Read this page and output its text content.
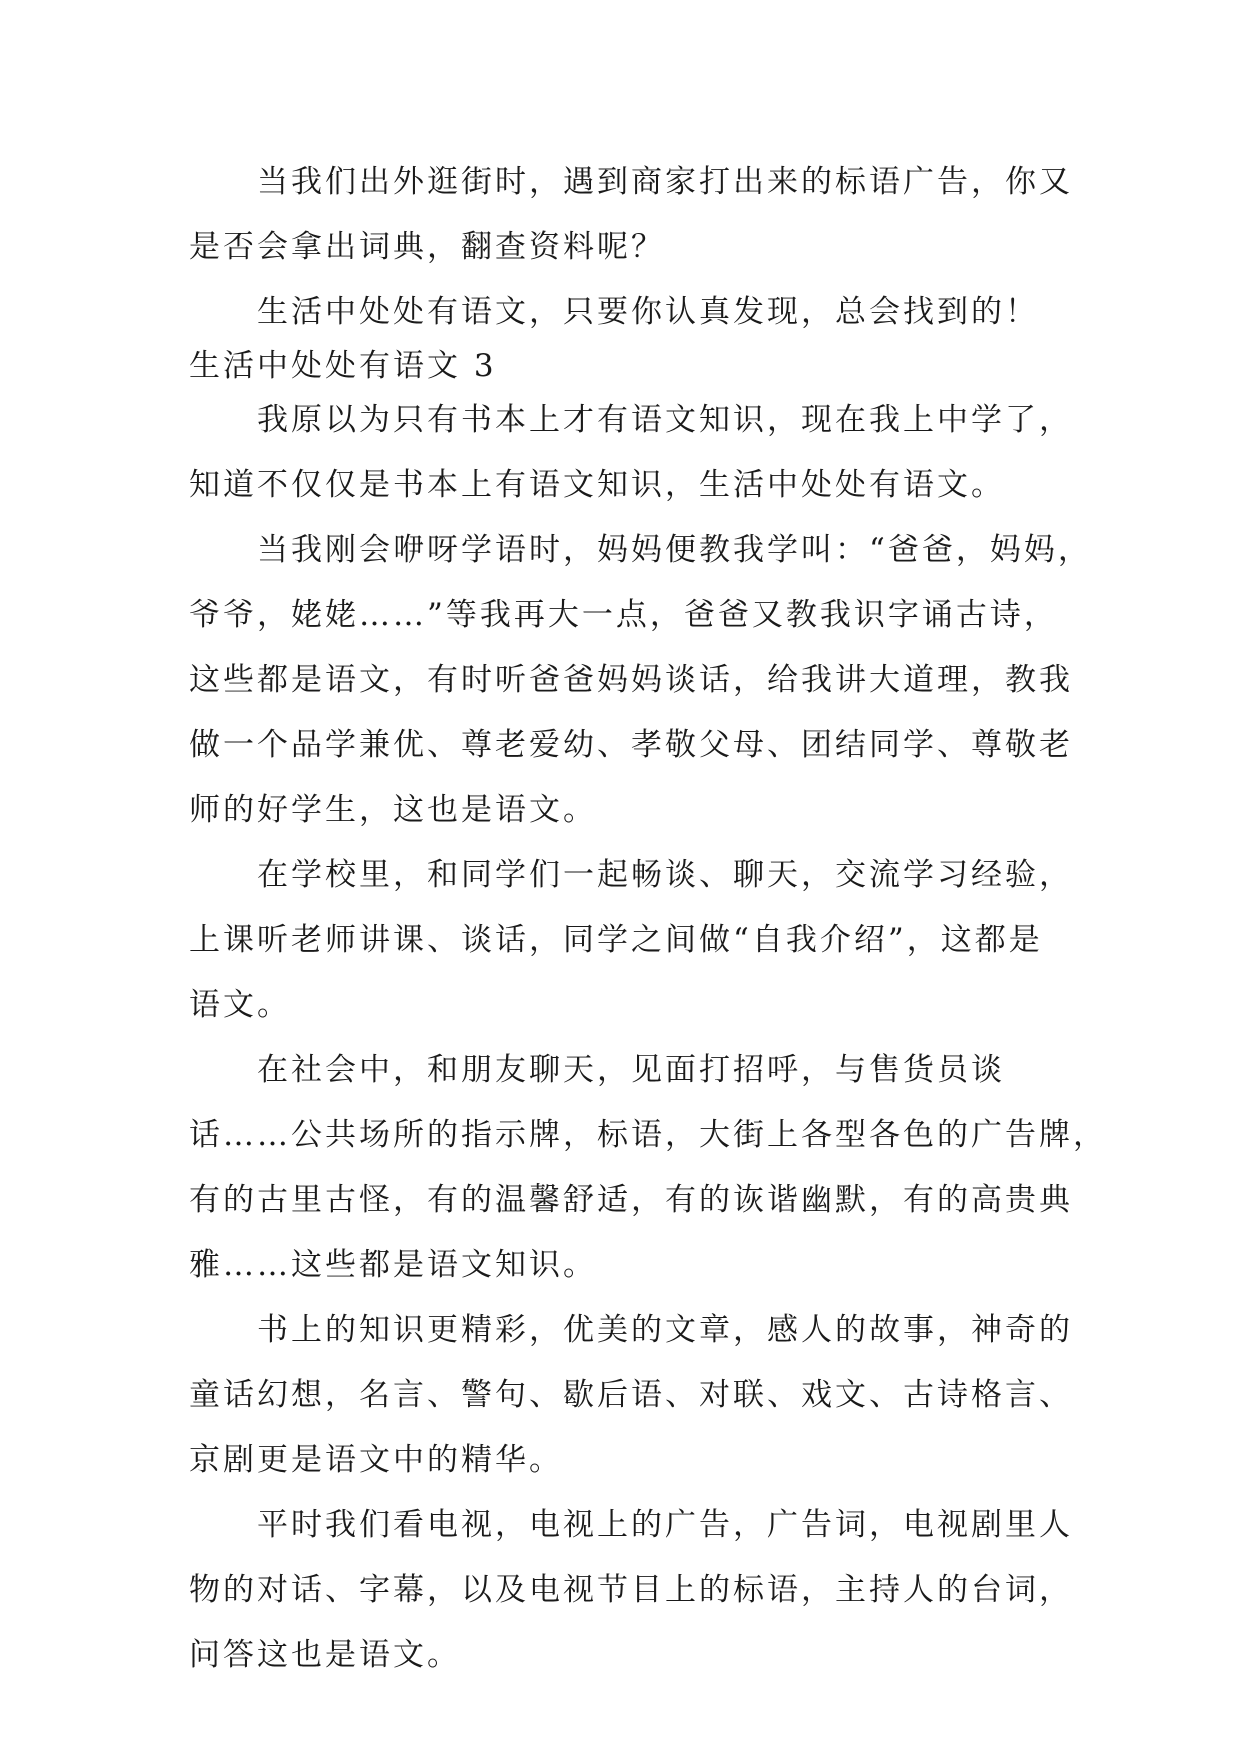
当我们出外逛街时，遇到商家打出来的标语广告，你又
是否会拿出词典，翻查资料呢？
生活中处处有语文，只要你认真发现，总会找到的！
生活中处处有语文 3
我原以为只有书本上才有语文知识，现在我上中学了，
知道不仅仅是书本上有语文知识，生活中处处有语文。
当我刚会咿呀学语时，妈妈便教我学叫：“爸爸，妈妈，
爷爷，姥姥……”等我再大一点，爸爸又教我识字诵古诗，
这些都是语文，有时听爸爸妈妈谈话，给我讲大道理，教我
做一个品学兼优、尊老爱幼、孝敬父母、团结同学、尊敬老
师的好学生，这也是语文。
在学校里，和同学们一起畅谈、聊天，交流学习经验，
上课听老师讲课、谈话，同学之间做“自我介绍”，这都是
语文。
在社会中，和朋友聊天，见面打招呼，与售货员谈
话……公共场所的指示牌，标语，大街上各型各色的广告牌，
有的古里古怪，有的温馨舒适，有的诙谐幽默，有的高贵典
雅……这些都是语文知识。
书上的知识更精彩，优美的文章，感人的故事，神奇的
童话幻想，名言、警句、歇后语、对联、戏文、古诗格言、
京剧更是语文中的精华。
平时我们看电视，电视上的广告，广告词，电视剧里人
物的对话、字幕，以及电视节目上的标语，主持人的台词，
问答这也是语文。
